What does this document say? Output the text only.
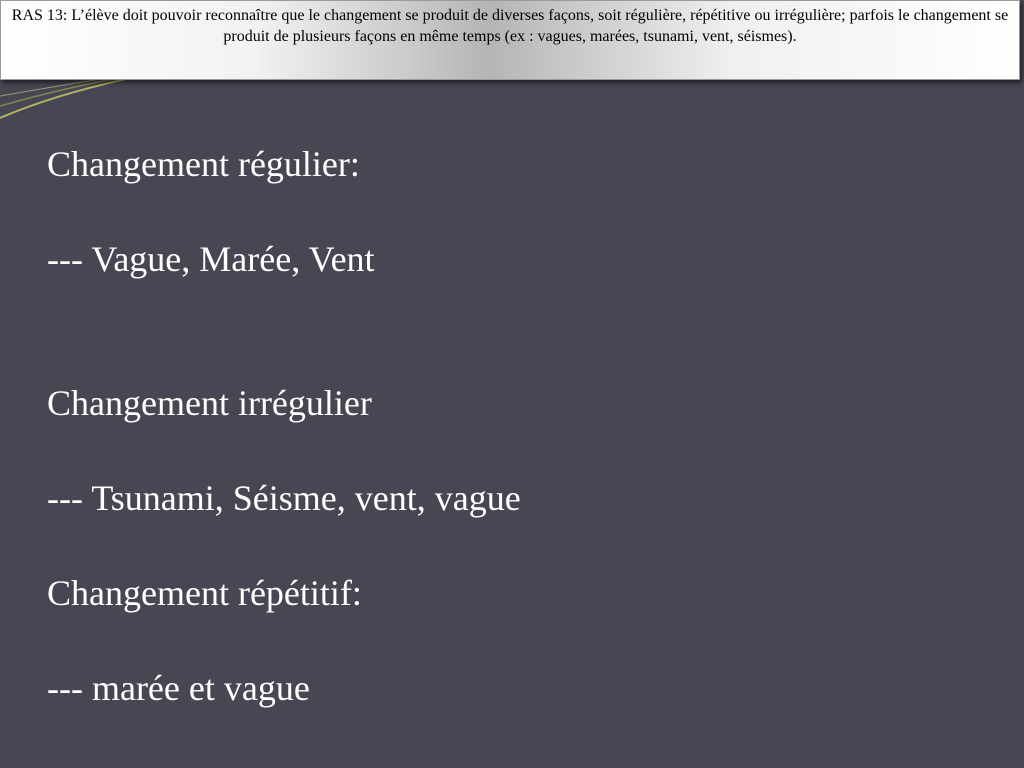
RAS 13: L’élève doit pouvoir reconnaître que le changement se produit de diverses façons, soit régulière, répétitive ou irrégulière; parfois le changement se produit de plusieurs façons en même temps (ex : vagues, marées, tsunami, vent, séismes).
Changement régulier:
--- Vague, Marée, Vent
Changement irrégulier
--- Tsunami, Séisme, vent, vague
Changement répétitif:
--- marée et vague
